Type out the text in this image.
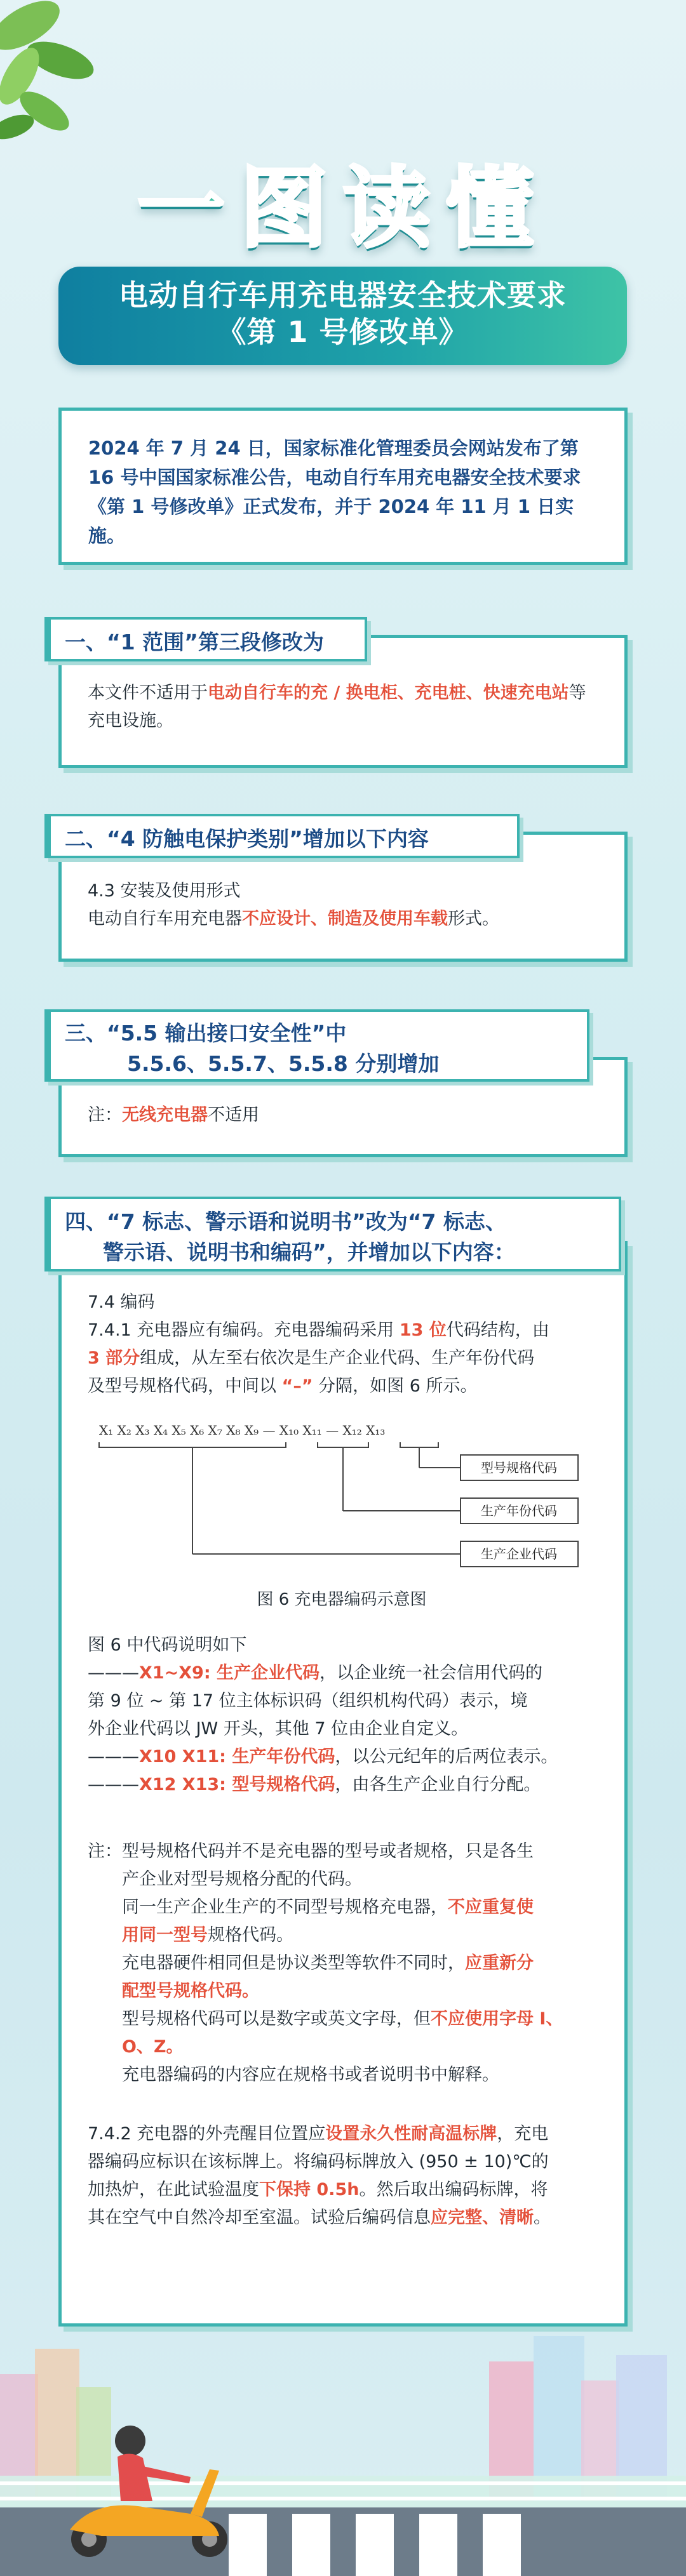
一图读懂
电动自行车用充电器安全技术要求
《第 1 号修改单》

2024 年 7 月 24 日，国家标准化管理委员会网站发布了第 16 号中国国家标准公告，电动自行车用充电器安全技术要求《第 1 号修改单》正式发布，并于 2024 年 11 月 1 日实施。

一、“1 范围”第三段修改为
本文件不适用于电动自行车的充 / 换电柜、充电桩、快速充电站等充电设施。
二、“4 防触电保护类别”增加以下内容
4.3 安装及使用形式
电动自行车用充电器不应设计、制造及使用车载形式。
三、“5.5 输出接口安全性”中
5.5.6、5.5.7、5.5.8 分别增加
注：无线充电器不适用
四、“7 标志、警示语和说明书”改为“7 标志、
警示语、说明书和编码”，并增加以下内容：
7.4 编码
7.4.1 充电器应有编码。充电器编码采用 13 位代码结构，由
3 部分组成，从左至右依次是生产企业代码、生产年份代码
及型号规格代码，中间以 “–” 分隔，如图 6 所示。
X₁ X₂ X₃ X₄ X₅ X₆ X₇ X₈ X₉ — X₁₀ X₁₁ — X₁₂ X₁₃
型号规格代码
生产年份代码
生产企业代码
图 6 充电器编码示意图
图 6 中代码说明如下
———X1~X9: 生产企业代码，以企业统一社会信用代码的
第 9 位 ~ 第 17 位主体标识码（组织机构代码）表示，境
外企业代码以 JW 开头，其他 7 位由企业自定义。
———X10 X11: 生产年份代码，以公元纪年的后两位表示。
———X12 X13: 型号规格代码，由各生产企业自行分配。
注：型号规格代码并不是充电器的型号或者规格，只是各生
产企业对型号规格分配的代码。
同一生产企业生产的不同型号规格充电器，不应重复使
用同一型号规格代码。
充电器硬件相同但是协议类型等软件不同时，应重新分
配型号规格代码。
型号规格代码可以是数字或英文字母，但不应使用字母 I、
O、Z。
充电器编码的内容应在规格书或者说明书中解释。
7.4.2 充电器的外壳醒目位置应设置永久性耐高温标牌，充电
器编码应标识在该标牌上。将编码标牌放入 (950 ± 10)℃的
加热炉，在此试验温度下保持 0.5h。然后取出编码标牌，将
其在空气中自然冷却至室温。试验后编码信息应完整、清晰。
